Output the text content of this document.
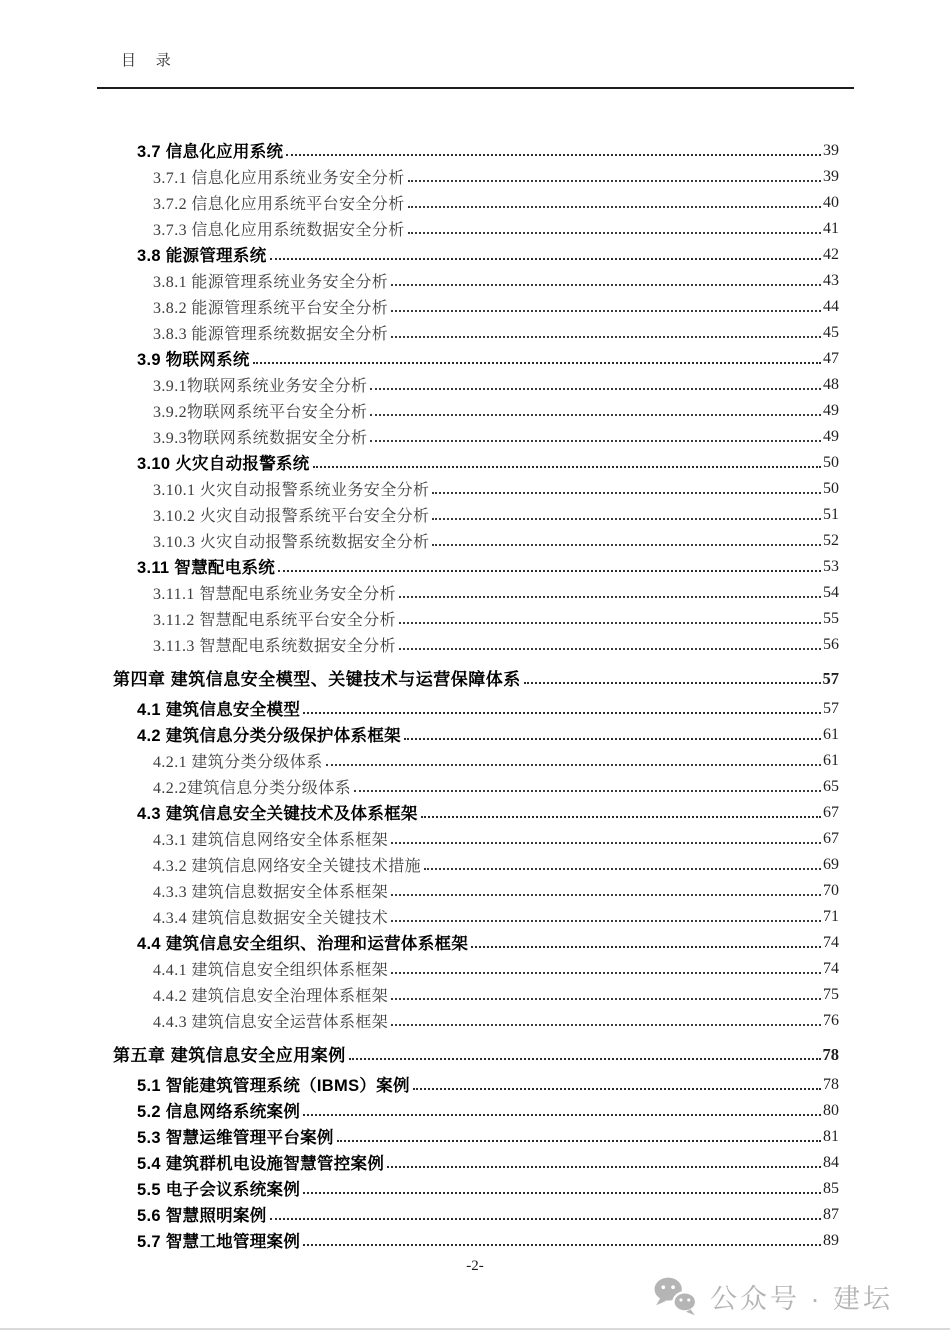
目 录
3.7 信息化应用系统	39
3.7.1 信息化应用系统业务安全分析	39
3.7.2 信息化应用系统平台安全分析	40
3.7.3 信息化应用系统数据安全分析	41
3.8 能源管理系统	42
3.8.1 能源管理系统业务安全分析	43
3.8.2 能源管理系统平台安全分析	44
3.8.3 能源管理系统数据安全分析	45
3.9 物联网系统	47
3.9.1物联网系统业务安全分析	48
3.9.2物联网系统平台安全分析	49
3.9.3物联网系统数据安全分析	49
3.10 火灾自动报警系统	50
3.10.1 火灾自动报警系统业务安全分析	50
3.10.2 火灾自动报警系统平台安全分析	51
3.10.3 火灾自动报警系统数据安全分析	52
3.11 智慧配电系统	53
3.11.1 智慧配电系统业务安全分析	54
3.11.2 智慧配电系统平台安全分析	55
3.11.3 智慧配电系统数据安全分析	56
第四章 建筑信息安全模型、关键技术与运营保障体系	57
4.1 建筑信息安全模型	57
4.2 建筑信息分类分级保护体系框架	61
4.2.1 建筑分类分级体系	61
4.2.2建筑信息分类分级体系	65
4.3 建筑信息安全关键技术及体系框架	67
4.3.1 建筑信息网络安全体系框架	67
4.3.2 建筑信息网络安全关键技术措施	69
4.3.3 建筑信息数据安全体系框架	70
4.3.4 建筑信息数据安全关键技术	71
4.4 建筑信息安全组织、治理和运营体系框架	74
4.4.1 建筑信息安全组织体系框架	74
4.4.2 建筑信息安全治理体系框架	75
4.4.3 建筑信息安全运营体系框架	76
第五章 建筑信息安全应用案例	78
5.1 智能建筑管理系统（IBMS）案例	78
5.2 信息网络系统案例	80
5.3 智慧运维管理平台案例	81
5.4 建筑群机电设施智慧管控案例	84
5.5 电子会议系统案例	85
5.6 智慧照明案例	87
5.7 智慧工地管理案例	89
-2-
公众号 · 建坛
